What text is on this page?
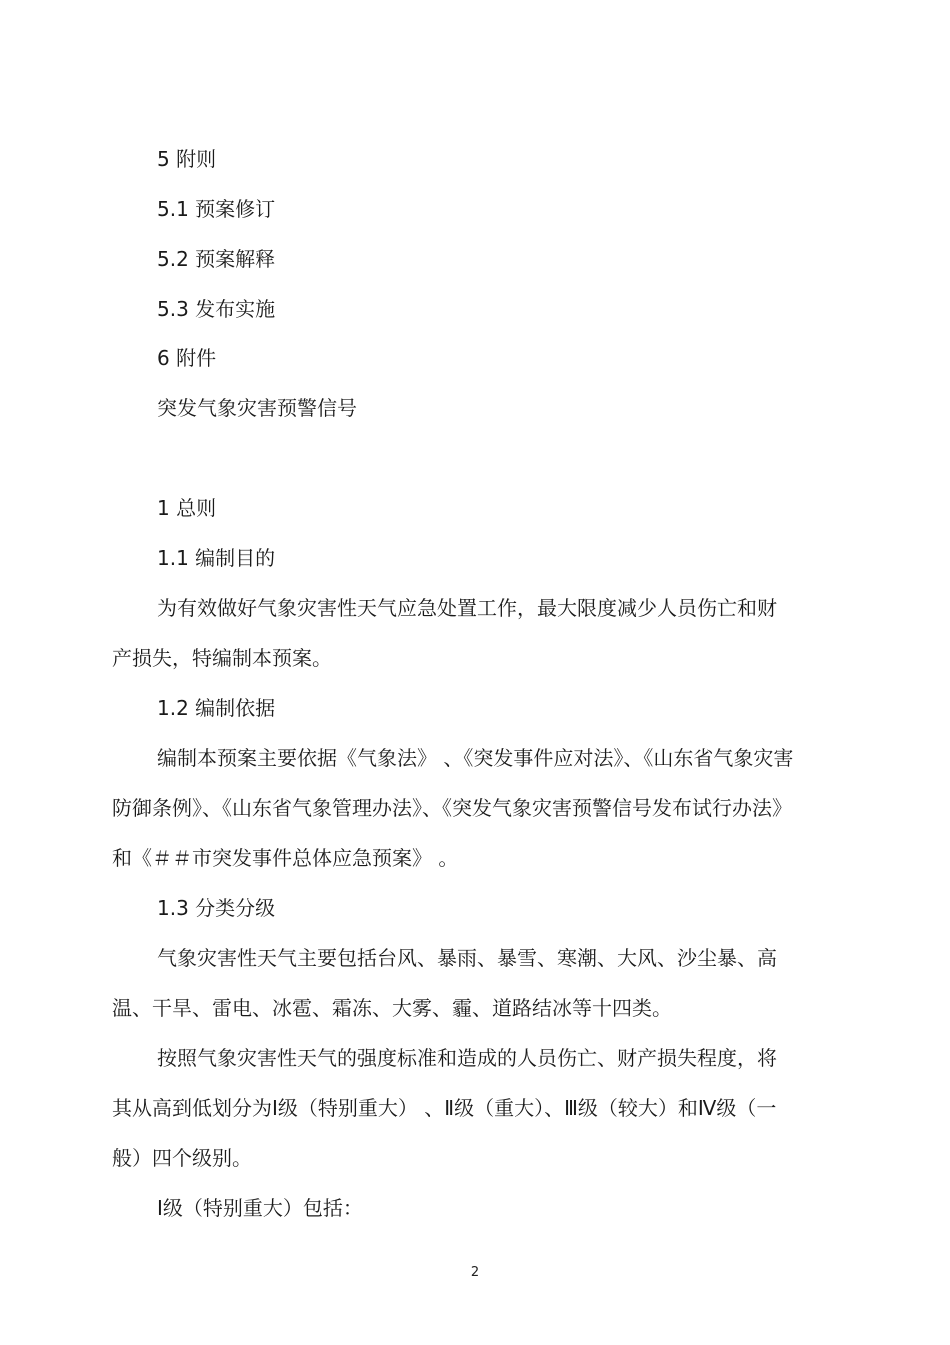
5 附则
5.1 预案修订
5.2 预案解释
5.3 发布实施
6 附件
突发气象灾害预警信号
1 总则
1.1 编制目的
为有效做好气象灾害性天气应急处置工作，最大限度减少人员伤亡和财
产损失，特编制本预案。
1.2 编制依据
编制本预案主要依据《气象法》 、《突发事件应对法》、《山东省气象灾害
防御条例》、《山东省气象管理办法》、《突发气象灾害预警信号发布试行办法》
和《＃＃市突发事件总体应急预案》 。
1.3 分类分级
气象灾害性天气主要包括台风、暴雨、暴雪、寒潮、大风、沙尘暴、高
温、干旱、雷电、冰雹、霜冻、大雾、霾、道路结冰等十四类。
按照气象灾害性天气的强度标准和造成的人员伤亡、财产损失程度，将
其从高到低划分为Ⅰ级（特别重大） 、Ⅱ级（重大）、Ⅲ级（较大）和Ⅳ级（一
般）四个级别。
Ⅰ级（特别重大）包括：
2
